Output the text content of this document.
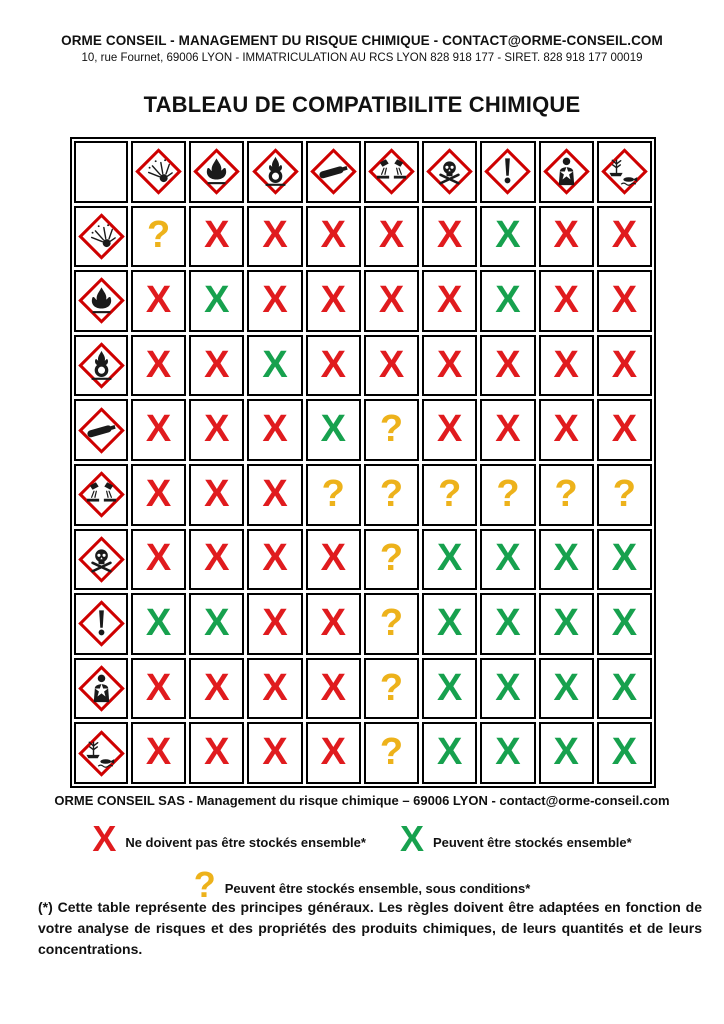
ORME CONSEIL - MANAGEMENT DU RISQUE CHIMIQUE - CONTACT@ORME-CONSEIL.COM
10, rue Fournet, 69006 LYON - IMMATRICULATION AU RCS LYON 828 918 177 - SIRET. 828 918 177 00019
TABLEAU DE COMPATIBILITE CHIMIQUE
? X X X X X X X X
X X X X X X X X X
X X X X X X X X X
X X X X ? X X X X
X X X ? ? ? ? ? ?
X X X X ? X X X X
X X X X ? X X X X
X X X X ? X X X X
X X X X ? X X X X
ORME CONSEIL SAS - Management du risque chimique – 69006 LYON - contact@orme-conseil.com
X Ne doivent pas être stockés ensemble* X Peuvent être stockés ensemble*
? Peuvent être stockés ensemble, sous conditions*

(*) Cette table représente des principes généraux. Les règles doivent être adaptées en fonction de votre analyse de risques et des propriétés des produits chimiques, de leurs quantités et de leurs concentrations.
